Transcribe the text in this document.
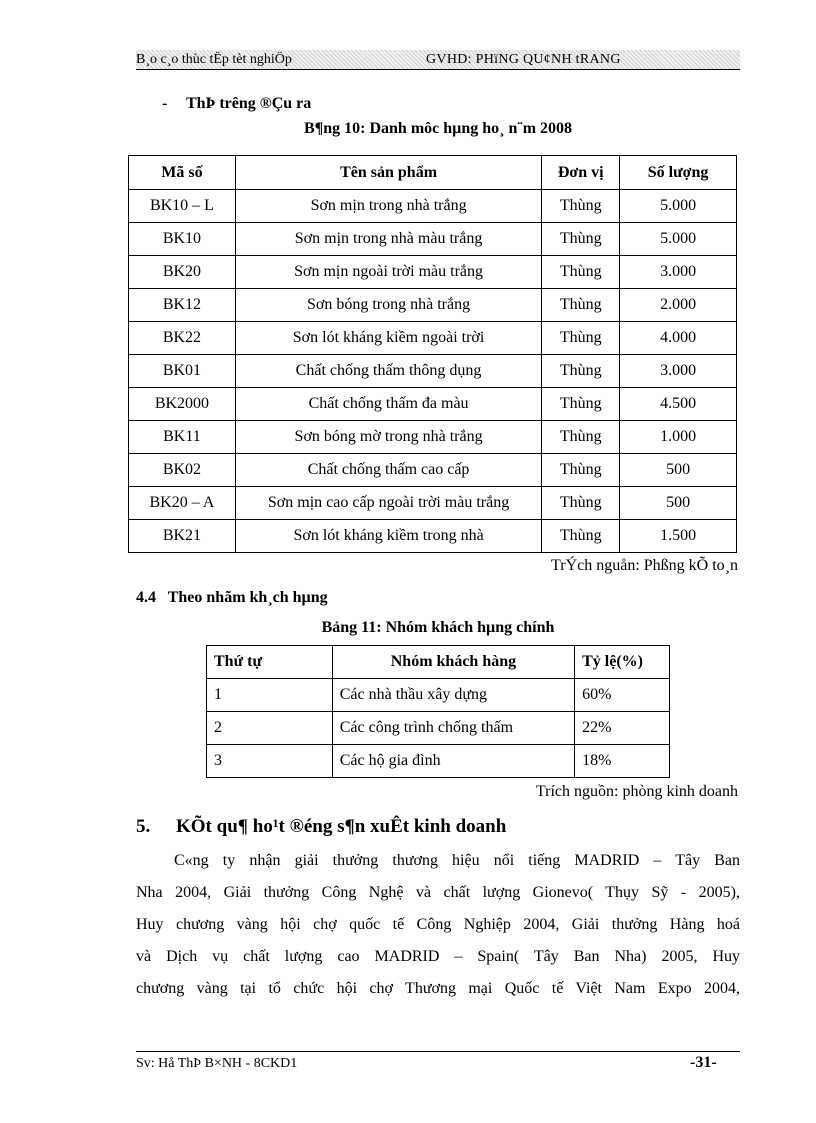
B¸o c¸o thùc tËp tèt nghiÖp	GVHD: PHïNG QU¢NH tRANG
- ThÞ trêng ®Çu ra
B¶ng 10: Danh môc hµng ho¸ n¨m 2008
Mã số	Tên sản phẩm	Đơn vị	Số lượng
BK10 – L	Sơn mịn trong nhà trắng	Thùng	5.000
BK10	Sơn mịn trong nhà màu trắng	Thùng	5.000
BK20	Sơn mịn ngoài trời màu trắng	Thùng	3.000
BK12	Sơn bóng trong nhà trắng	Thùng	2.000
BK22	Sơn lót kháng kiềm ngoài trời	Thùng	4.000
BK01	Chất chống thấm thông dụng	Thùng	3.000
BK2000	Chất chống thấm đa màu	Thùng	4.500
BK11	Sơn bóng mờ trong nhà trắng	Thùng	1.000
BK02	Chất chống thấm cao cấp	Thùng	500
BK20 – A	Sơn mịn cao cấp ngoài trời màu trắng	Thùng	500
BK21	Sơn lót kháng kiềm trong nhà	Thùng	1.500
TrÝch nguån: Phßng kÕ to¸n
4.4 Theo nhãm kh¸ch hµng
Bảng 11: Nhóm khách hµng chính
Thứ tự	Nhóm khách hàng	Tỷ lệ(%)
1	Các nhà thầu xây dựng	60%
2	Các công trình chống thấm	22%
3	Các hộ gia đình	18%
Trích nguồn: phòng kinh doanh
5. KÕt qu¶ ho¹t ®éng s¶n xuÊt kinh doanh
C«ng ty nhận giải thưởng thương hiệu nổi tiếng MADRID – Tây Ban
Nha 2004, Giải thưởng Công Nghệ và chất lượng Gionevo( Thụy Sỹ - 2005),
Huy chương vàng hội chợ quốc tế Công Nghiệp 2004, Giải thưởng Hàng hoá
và Dịch vụ chất lượng cao MADRID – Spain( Tây Ban Nha) 2005, Huy
chương vàng tại tổ chức hội chợ Thương mại Quốc tế Việt Nam Expo 2004,
Sv: Hå ThÞ B×NH - 8CKD1	-31-
